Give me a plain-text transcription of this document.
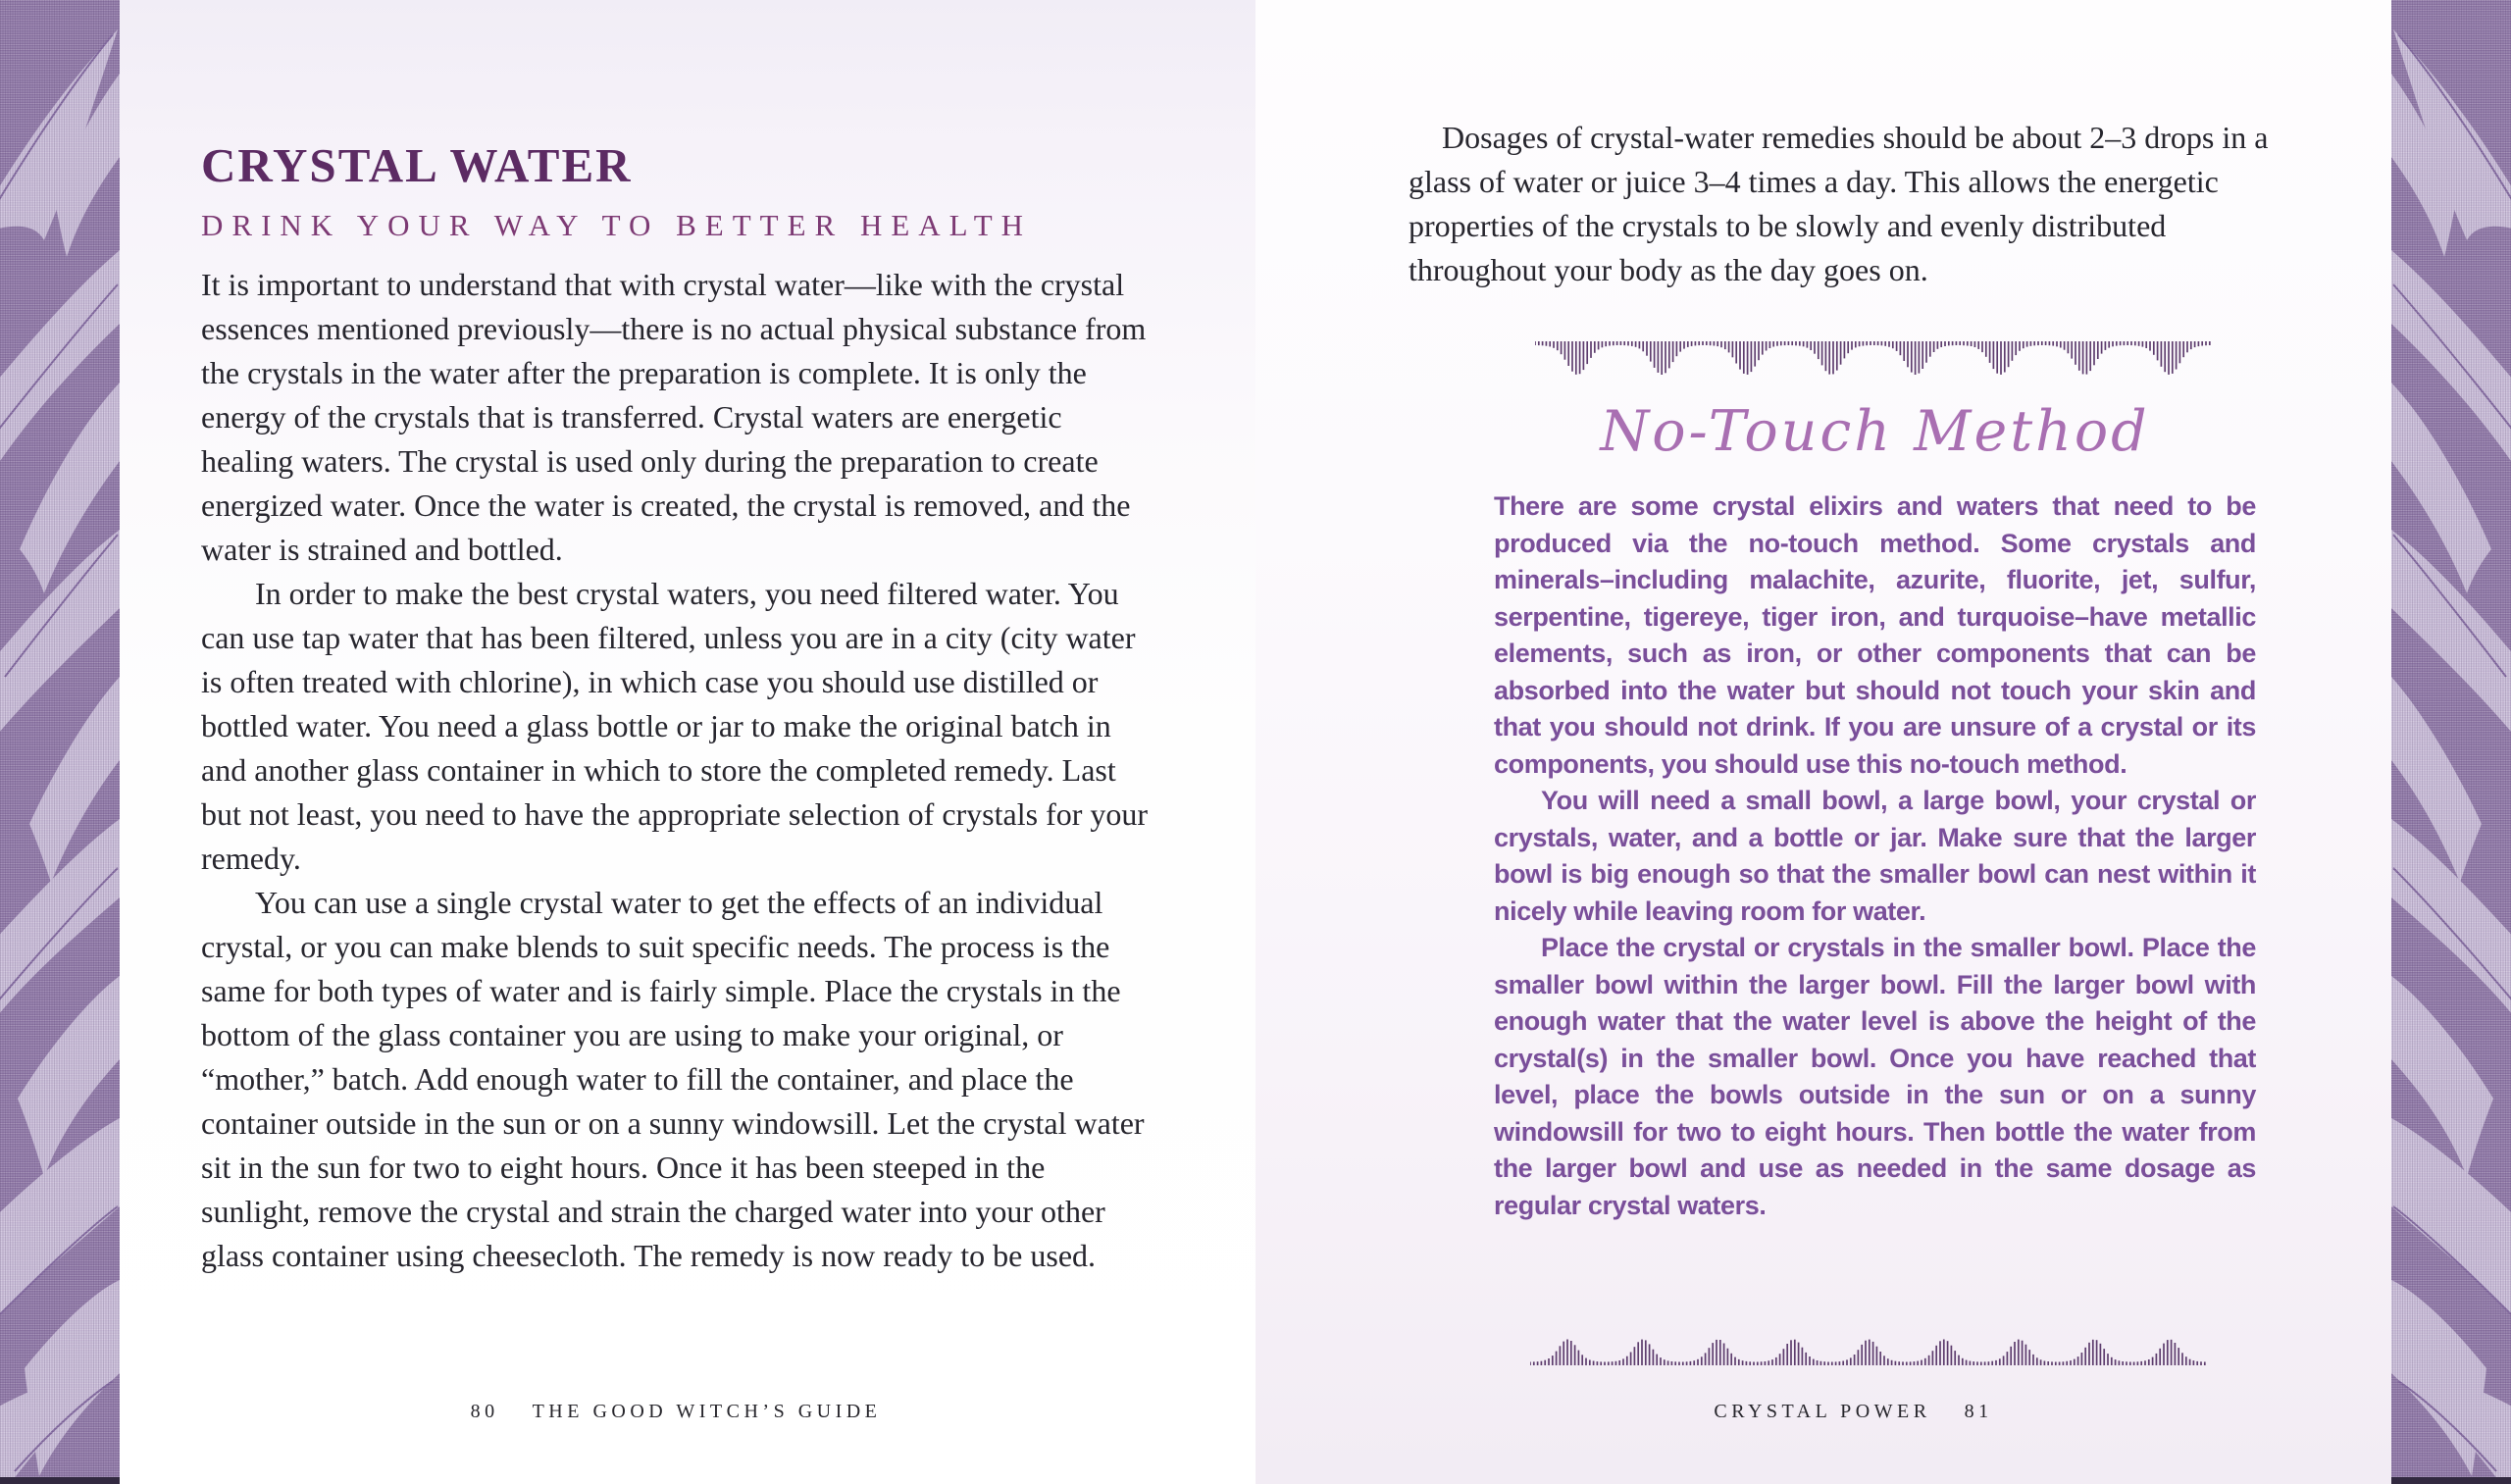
CRYSTAL WATER
DRINK YOUR WAY TO BETTER HEALTH

It is important to understand that with crystal water—like with the crystal essences mentioned previously—there is no actual physical substance from the crystals in the water after the preparation is complete. It is only the energy of the crystals that is transferred. Crystal waters are energetic healing waters. The crystal is used only during the preparation to create energized water. Once the water is created, the crystal is removed, and the water is strained and bottled.

In order to make the best crystal waters, you need filtered water. You can use tap water that has been filtered, unless you are in a city (city water is often treated with chlorine), in which case you should use distilled or bottled water. You need a glass bottle or jar to make the original batch in and another glass container in which to store the completed remedy. Last but not least, you need to have the appropriate selection of crystals for your remedy.

You can use a single crystal water to get the effects of an individual crystal, or you can make blends to suit specific needs. The process is the same for both types of water and is fairly simple. Place the crystals in the bottom of the glass container you are using to make your original, or “mother,” batch. Add enough water to fill the container, and place the container outside in the sun or on a sunny windowsill. Let the crystal water sit in the sun for two to eight hours. Once it has been steeped in the sunlight, remove the crystal and strain the charged water into your other glass container using cheesecloth. The remedy is now ready to be used.

80 THE GOOD WITCH’S GUIDE

Dosages of crystal-water remedies should be about 2–3 drops in a glass of water or juice 3–4 times a day. This allows the energetic properties of the crystals to be slowly and evenly distributed throughout your body as the day goes on.

No-Touch Method

There are some crystal elixirs and waters that need to be produced via the no-touch method. Some crystals and minerals–including malachite, azurite, fluorite, jet, sulfur, serpentine, tigereye, tiger iron, and turquoise–have metallic elements, such as iron, or other components that can be absorbed into the water but should not touch your skin and that you should not drink. If you are unsure of a crystal or its components, you should use this no-touch method.

You will need a small bowl, a large bowl, your crystal or crystals, water, and a bottle or jar. Make sure that the larger bowl is big enough so that the smaller bowl can nest within it nicely while leaving room for water.

Place the crystal or crystals in the smaller bowl. Place the smaller bowl within the larger bowl. Fill the larger bowl with enough water that the water level is above the height of the crystal(s) in the smaller bowl. Once you have reached that level, place the bowls outside in the sun or on a sunny windowsill for two to eight hours. Then bottle the water from the larger bowl and use as needed in the same dosage as regular crystal waters.

CRYSTAL POWER 81
